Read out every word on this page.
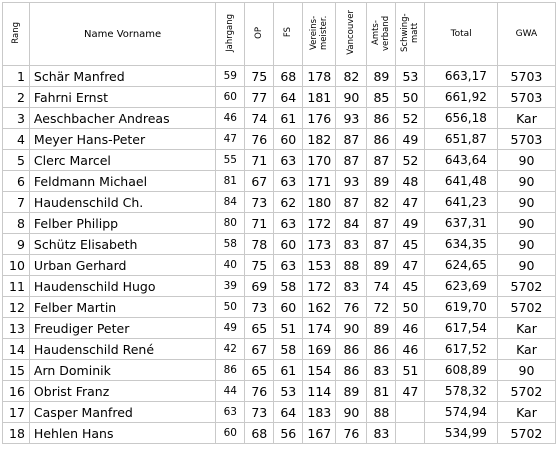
Rang	Name Vorname	Jahrgang	OP	FS	Vereins-meister.	Vancouver	Amts-verband	Schwing- matt	Total	GWA
1	Schär Manfred	59	75	68	178	82	89	53	663,17	5703
2	Fahrni Ernst	60	77	64	181	90	85	50	661,92	5703
3	Aeschbacher Andreas	46	74	61	176	93	86	52	656,18	Kar
4	Meyer Hans-Peter	47	76	60	182	87	86	49	651,87	5703
5	Clerc Marcel	55	71	63	170	87	87	52	643,64	90
6	Feldmann Michael	81	67	63	171	93	89	48	641,48	90
7	Haudenschild Ch.	84	73	62	180	87	82	47	641,23	90
8	Felber Philipp	80	71	63	172	84	87	49	637,31	90
9	Schütz Elisabeth	58	78	60	173	83	87	45	634,35	90
10	Urban Gerhard	40	75	63	153	88	89	47	624,65	90
11	Haudenschild Hugo	39	69	58	172	83	74	45	623,69	5702
12	Felber Martin	50	73	60	162	76	72	50	619,70	5702
13	Freudiger Peter	49	65	51	174	90	89	46	617,54	Kar
14	Haudenschild René	42	67	58	169	86	86	46	617,52	Kar
15	Arn Dominik	86	65	61	154	86	83	51	608,89	90
16	Obrist Franz	44	76	53	114	89	81	47	578,32	5702
17	Casper Manfred	63	73	64	183	90	88		574,94	Kar
18	Hehlen Hans	60	68	56	167	76	83		534,99	5702
